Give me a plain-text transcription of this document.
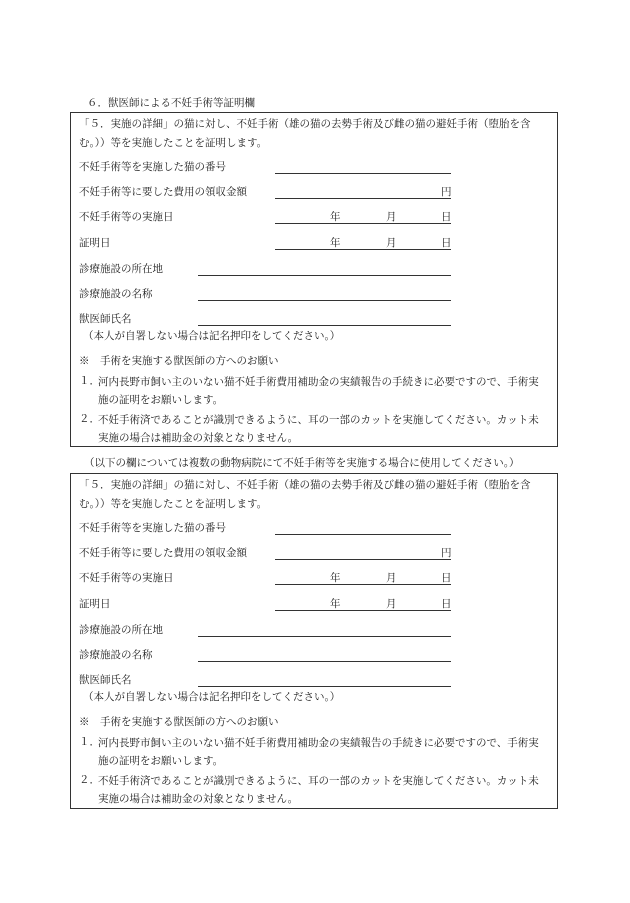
６．獣医師による不妊手術等証明欄
「５．実施の詳細」の猫に対し、不妊手術（雄の猫の去勢手術及び雌の猫の避妊手術（堕胎を含む。））等を実施したことを証明します。
不妊手術等を実施した猫の番号
不妊手術等に要した費用の領収金額	円
不妊手術等の実施日	年	月	日
証明日	年	月	日
診療施設の所在地
診療施設の名称
獣医師氏名
（本人が自署しない場合は記名押印をしてください。）
※　手術を実施する獣医師の方へのお願い
１．
河内長野市飼い主のいない猫不妊手術費用補助金の実績報告の手続きに必要ですので、手術実施の証明をお願いします。
２．
不妊手術済であることが識別できるように、耳の一部のカットを実施してください。カット未実施の場合は補助金の対象となりません。
（以下の欄については複数の動物病院にて不妊手術等を実施する場合に使用してください。）
「５．実施の詳細」の猫に対し、不妊手術（雄の猫の去勢手術及び雌の猫の避妊手術（堕胎を含む。））等を実施したことを証明します。
不妊手術等を実施した猫の番号
不妊手術等に要した費用の領収金額	円
不妊手術等の実施日	年	月	日
証明日	年	月	日
診療施設の所在地
診療施設の名称
獣医師氏名
（本人が自署しない場合は記名押印をしてください。）
※　手術を実施する獣医師の方へのお願い
１．
河内長野市飼い主のいない猫不妊手術費用補助金の実績報告の手続きに必要ですので、手術実施の証明をお願いします。
２．
不妊手術済であることが識別できるように、耳の一部のカットを実施してください。カット未実施の場合は補助金の対象となりません。
